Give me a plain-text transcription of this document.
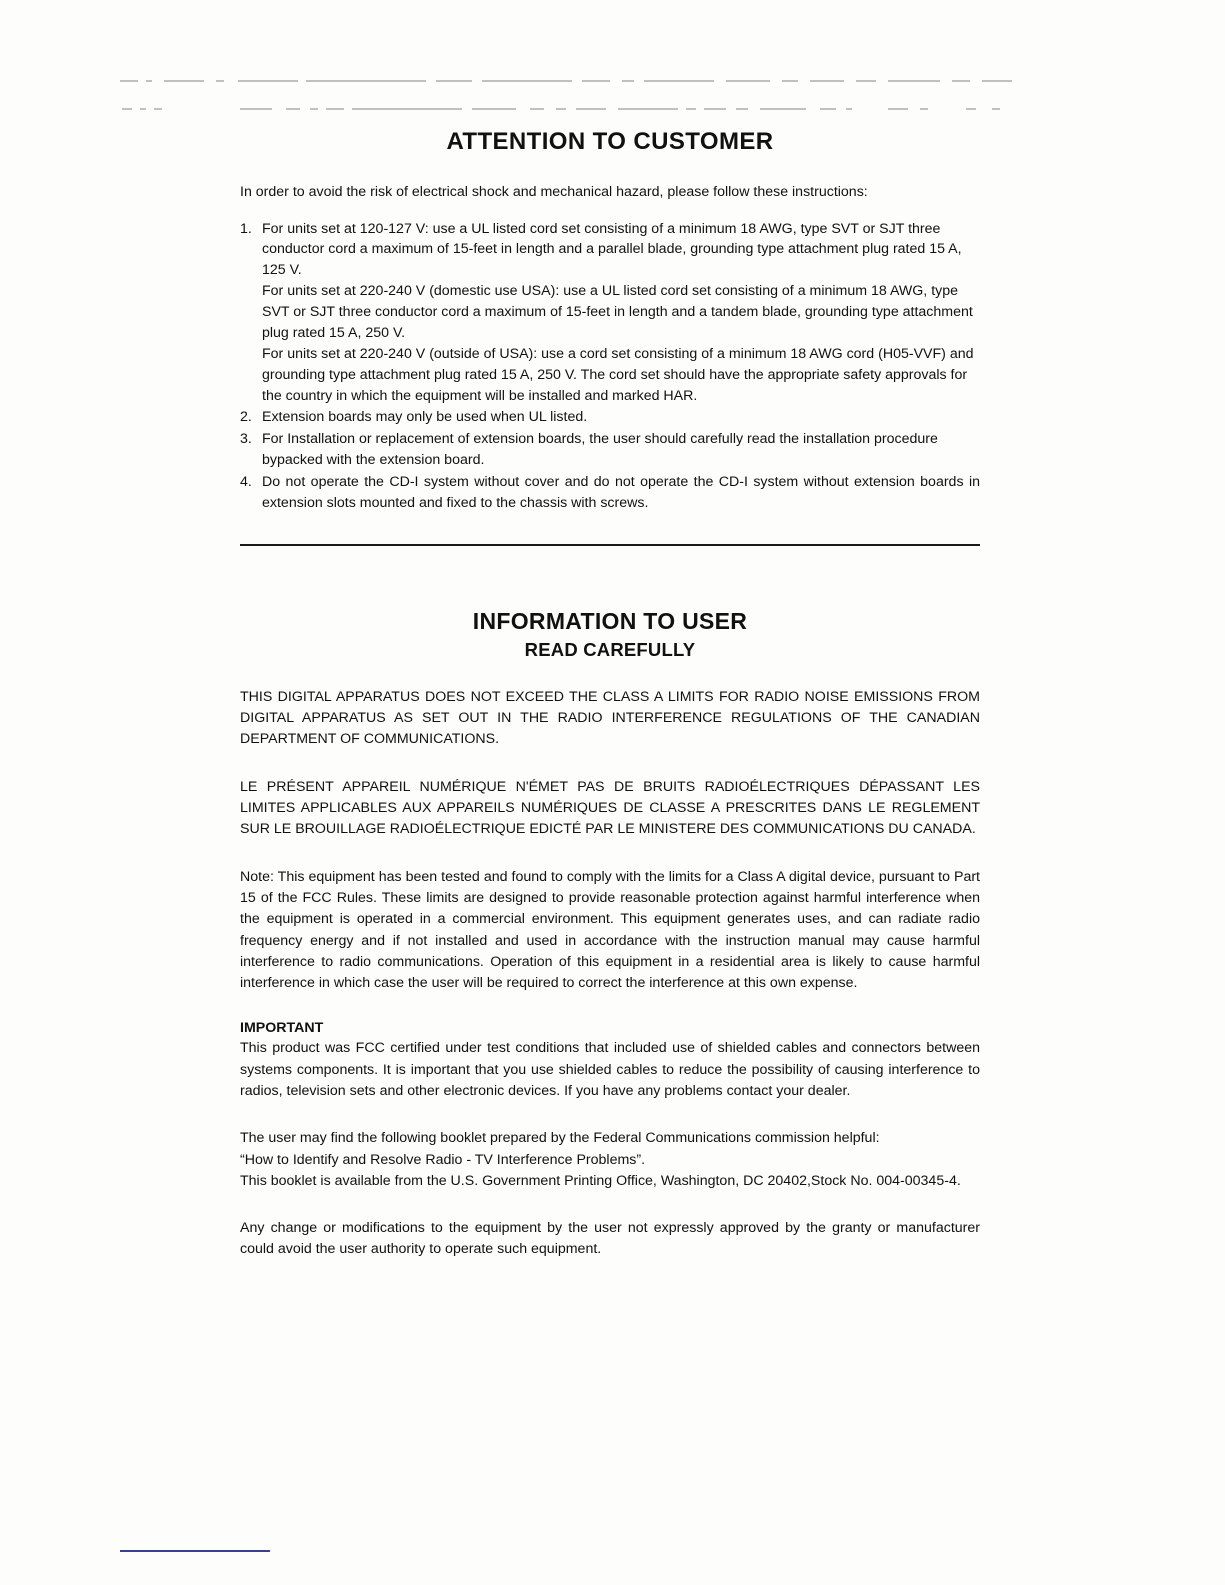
ATTENTION TO CUSTOMER

In order to avoid the risk of electrical shock and mechanical hazard, please follow these instructions:

1. For units set at 120-127 V: use a UL listed cord set consisting of a minimum 18 AWG, type SVT or SJT three conductor cord a maximum of 15-feet in length and a parallel blade, grounding type attachment plug rated 15 A, 125 V.

For units set at 220-240 V (domestic use USA): use a UL listed cord set consisting of a minimum 18 AWG, type SVT or SJT three conductor cord a maximum of 15-feet in length and a tandem blade, grounding type attachment plug rated 15 A, 250 V.

For units set at 220-240 V (outside of USA): use a cord set consisting of a minimum 18 AWG cord (H05-VVF) and grounding type attachment plug rated 15 A, 250 V. The cord set should have the appropriate safety approvals for the country in which the equipment will be installed and marked HAR.

2. Extension boards may only be used when UL listed.

3. For Installation or replacement of extension boards, the user should carefully read the installation procedure bypacked with the extension board.

4. Do not operate the CD-I system without cover and do not operate the CD-I system without extension boards in extension slots mounted and fixed to the chassis with screws.

INFORMATION TO USER
READ CAREFULLY

THIS DIGITAL APPARATUS DOES NOT EXCEED THE CLASS A LIMITS FOR RADIO NOISE EMISSIONS FROM DIGITAL APPARATUS AS SET OUT IN THE RADIO INTERFERENCE REGULATIONS OF THE CANADIAN DEPARTMENT OF COMMUNICATIONS.

LE PRÉSENT APPAREIL NUMÉRIQUE N'ÉMET PAS DE BRUITS RADIOÉLECTRIQUES DÉPASSANT LES LIMITES APPLICABLES AUX APPAREILS NUMÉRIQUES DE CLASSE A PRESCRITES DANS LE REGLEMENT SUR LE BROUILLAGE RADIOÉLECTRIQUE EDICTÉ PAR LE MINISTERE DES COMMUNICATIONS DU CANADA.

Note: This equipment has been tested and found to comply with the limits for a Class A digital device, pursuant to Part 15 of the FCC Rules. These limits are designed to provide reasonable protection against harmful interference when the equipment is operated in a commercial environment. This equipment generates uses, and can radiate radio frequency energy and if not installed and used in accordance with the instruction manual may cause harmful interference to radio communications. Operation of this equipment in a residential area is likely to cause harmful interference in which case the user will be required to correct the interference at this own expense.

IMPORTANT

This product was FCC certified under test conditions that included use of shielded cables and connectors between systems components. It is important that you use shielded cables to reduce the possibility of causing interference to radios, television sets and other electronic devices. If you have any problems contact your dealer.

The user may find the following booklet prepared by the Federal Communications commission helpful:

“How to Identify and Resolve Radio - TV Interference Problems”.

This booklet is available from the U.S. Government Printing Office, Washington, DC 20402,Stock No. 004-00345-4.

Any change or modifications to the equipment by the user not expressly approved by the granty or manufacturer could avoid the user authority to operate such equipment.
